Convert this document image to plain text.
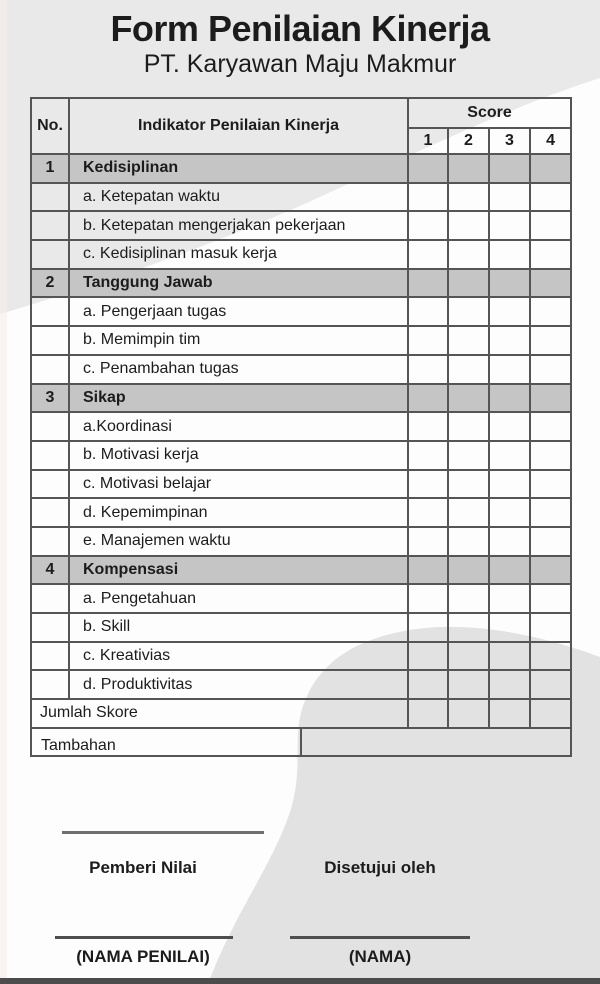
Form Penilaian Kinerja
PT. Karyawan Maju Makmur
No.	Indikator Penilaian Kinerja	Score			
		1	2	3	4
1	Kedisiplinan				
	a. Ketepatan waktu				
	b. Ketepatan mengerjakan pekerjaan				
	c. Kedisiplinan masuk kerja				
2	Tanggung Jawab				
	a. Pengerjaan tugas				
	b. Memimpin tim				
	c. Penambahan tugas				
3	Sikap				
	a.Koordinasi				
	b. Motivasi kerja				
	c. Motivasi belajar				
	d. Kepemimpinan				
	e. Manajemen waktu				
4	Kompensasi				
	a. Pengetahuan				
	b. Skill				
	c. Kreativias				
	d. Produktivitas				
Jumlah Skore					
Tambahan					
Pemberi Nilai	Disetujui oleh
(NAMA PENILAI)	(NAMA)
